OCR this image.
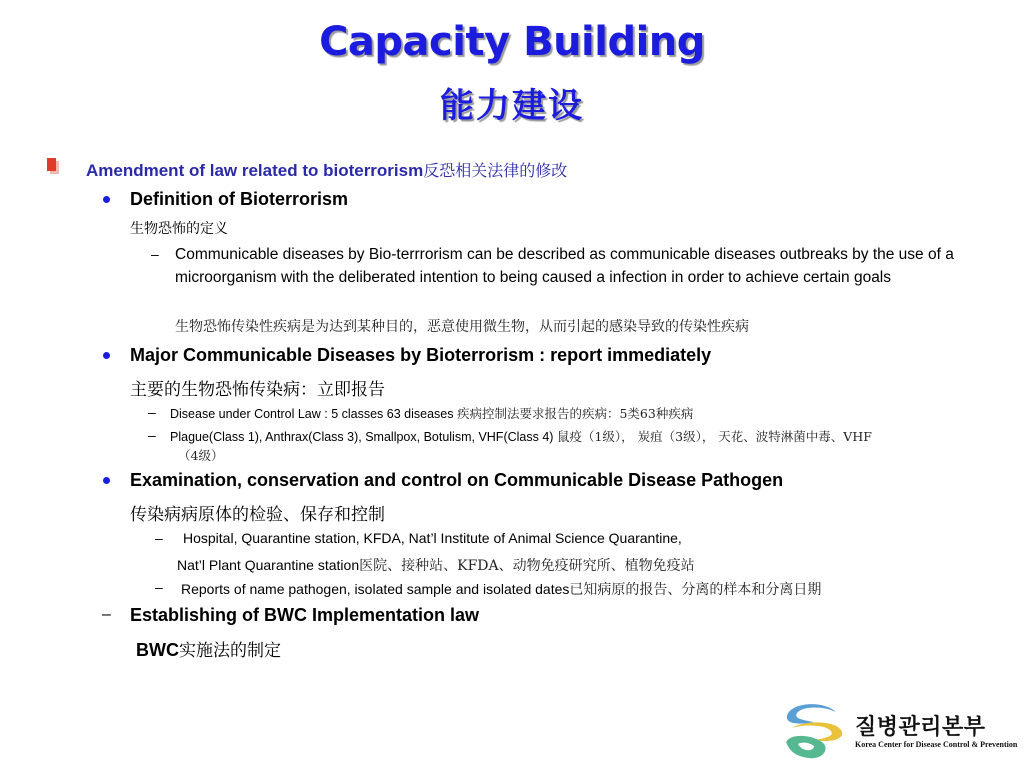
Capacity Building
能力建设
Amendment of law related to bioterrorism反恐相关法律的修改
Definition of Bioterrorism
生物恐怖的定义
– Communicable diseases by Bio-terrrorism can be described as communicable diseases outbreaks by the use of a microorganism with the deliberated intention to being caused a infection in order to achieve certain goals
生物恐怖传染性疾病是为达到某种目的，恶意使用微生物，从而引起的感染导致的传染性疾病
Major Communicable Diseases by Bioterrorism : report immediately
主要的生物恐怖传染病：立即报告
– Disease under Control Law : 5 classes 63 diseases 疾病控制法要求报告的疾病：5类63种疾病
– Plague(Class 1), Anthrax(Class 3), Smallpox, Botulism, VHF(Class 4) 鼠疫（1级）， 炭疽（3级）， 天花、波特淋菌中毒、VHF
（4级）
Examination, conservation and control on Communicable Disease Pathogen
传染病病原体的检验、保存和控制
– Hospital, Quarantine station, KFDA, Nat’l Institute of Animal Science Quarantine,
Nat’l Plant Quarantine station医院、接种站、KFDA、动物免疫研究所、植物免疫站
– Reports of name pathogen, isolated sample and isolated dates已知病原的报告、分离的样本和分离日期
– Establishing of BWC Implementation law
BWC实施法的制定
질병관리본부
Korea Center for Disease Control & Prevention
